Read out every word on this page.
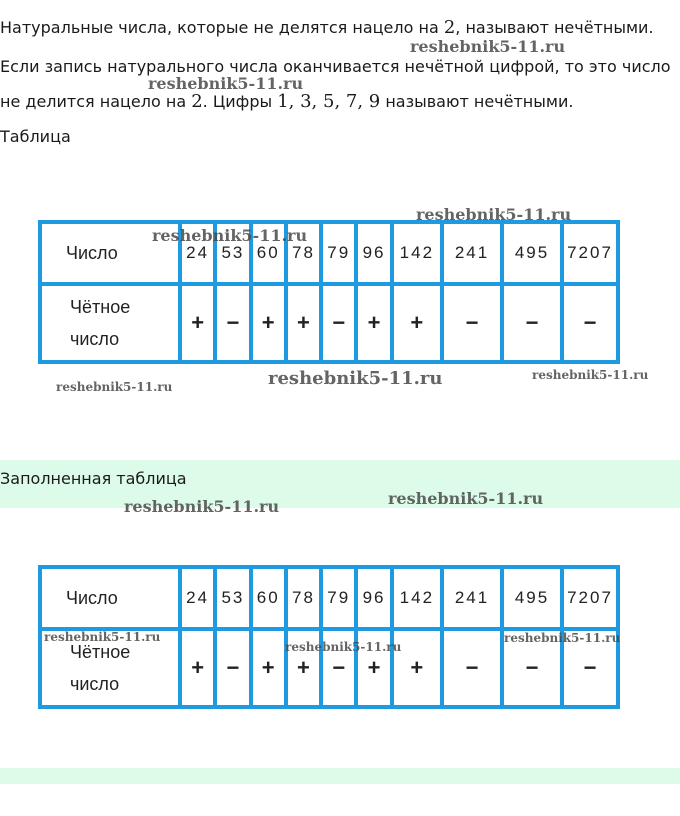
Натуральные числа, которые не делятся нацело на 2, называют нечётными.
Если запись натурального числа оканчивается нечётной цифрой, то это число
не делится нацело на 2. Цифры 1, 3, 5, 7, 9 называют нечётными.
Таблица
Число	24	53	60	78	79	96	142	241	495	7207
Чётное
число	+	−	+	+	−	+	+	−	−	−
Заполненная таблица
Число	24	53	60	78	79	96	142	241	495	7207
Чётное
число	+	−	+	+	−	+	+	−	−	−
reshebnik5-11.ru
reshebnik5-11.ru
reshebnik5-11.ru
reshebnik5-11.ru
reshebnik5-11.ru	reshebnik5-11.ru	reshebnik5-11.ru
reshebnik5-11.ru
reshebnik5-11.ru
reshebnik5-11.ru
reshebnik5-11.ru
reshebnik5-11.ru
